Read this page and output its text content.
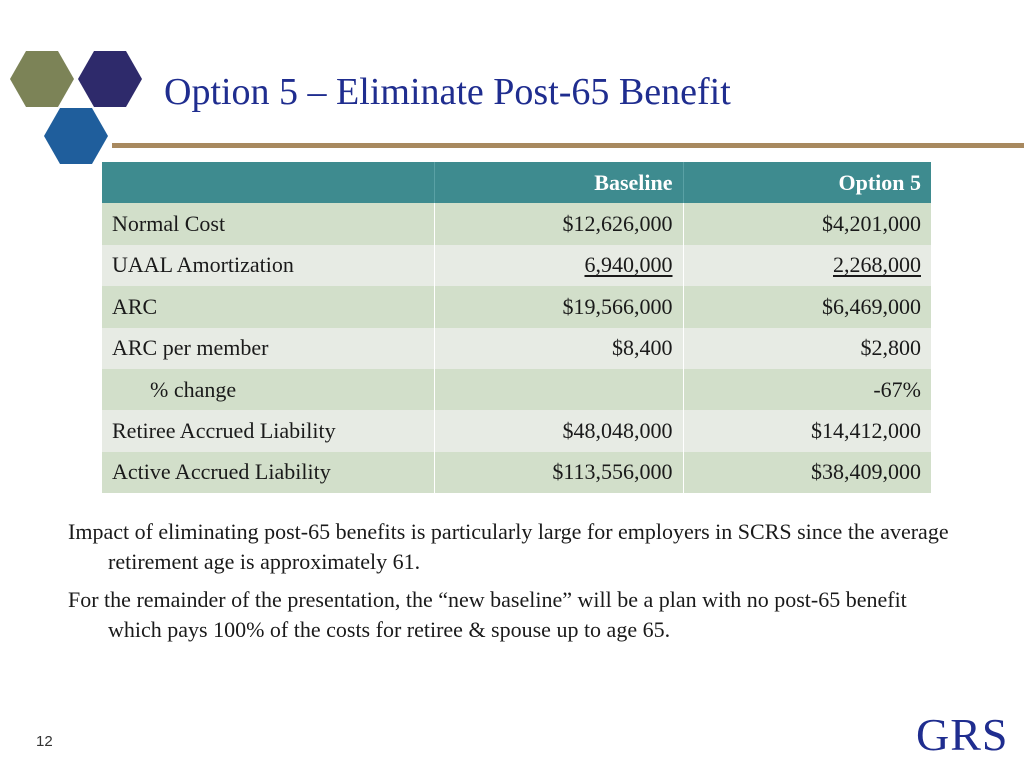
Option 5 – Eliminate Post-65 Benefit
	Baseline	Option 5
Normal Cost	$12,626,000	$4,201,000
UAAL Amortization	6,940,000	2,268,000
ARC	$19,566,000	$6,469,000
ARC per member	$8,400	$2,800
% change		-67%
Retiree Accrued Liability	$48,048,000	$14,412,000
Active Accrued Liability	$113,556,000	$38,409,000

Impact of eliminating post-65 benefits is particularly large for employers in SCRS since the average retirement age is approximately 61.

For the remainder of the presentation, the “new baseline” will be a plan with no post-65 benefit which pays 100% of the costs for retiree & spouse up to age 65.

12	GRS
